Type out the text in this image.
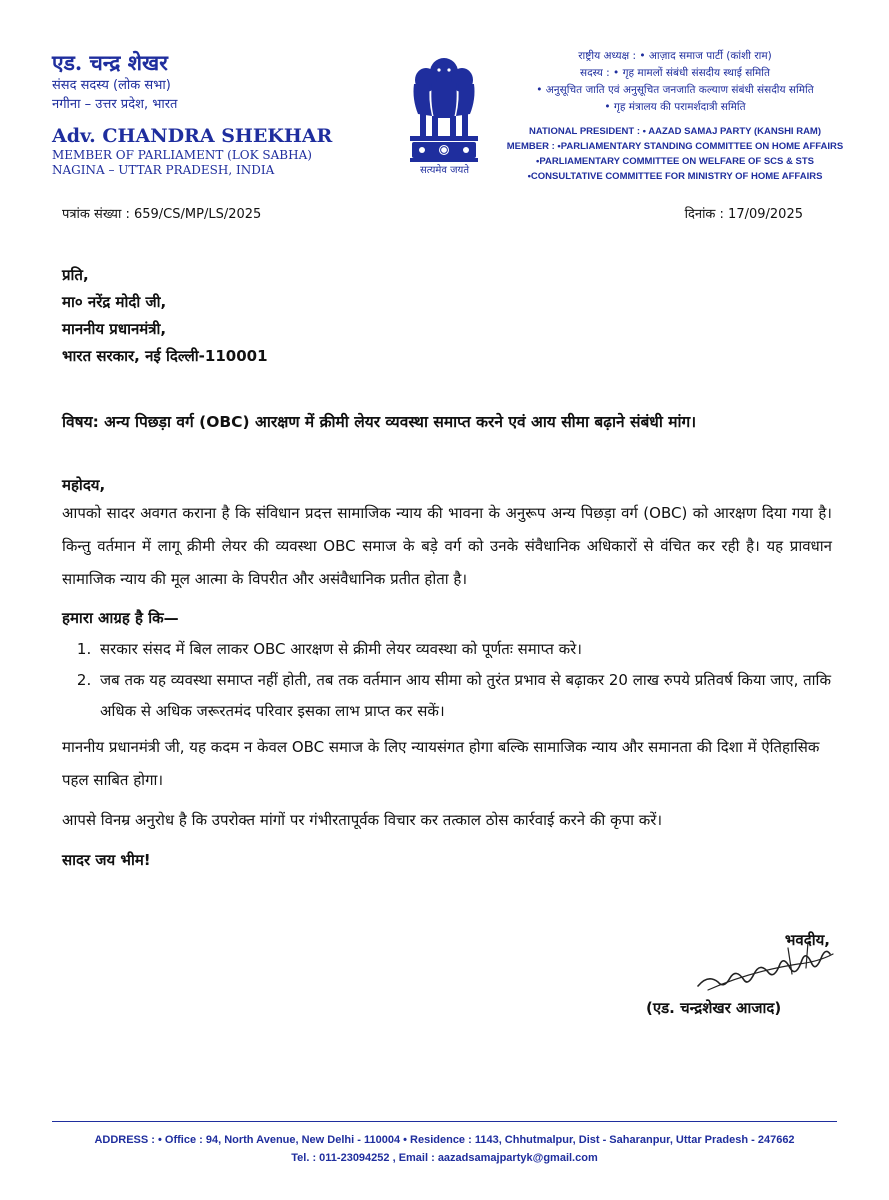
एड. चन्द्र शेखर
संसद सदस्य (लोक सभा)
नगीना – उत्तर प्रदेश, भारत
Adv. CHANDRA SHEKHAR
MEMBER OF PARLIAMENT (LOK SABHA)
NAGINA – UTTAR PRADESH, INDIA	सत्यमेव जयते
राष्ट्रीय अध्यक्ष : • आज़ाद समाज पार्टी (कांशी राम)
सदस्य : • गृह मामलों संबंधी संसदीय स्थाई समिति
• अनुसूचित जाति एवं अनुसूचित जनजाति कल्याण संबंधी संसदीय समिति
• गृह मंत्रालय की परामर्शदात्री समिति
NATIONAL PRESIDENT : • AAZAD SAMAJ PARTY (KANSHI RAM)
MEMBER : •PARLIAMENTARY STANDING COMMITTEE ON HOME AFFAIRS
•PARLIAMENTARY COMMITTEE ON WELFARE OF SCS & STS
•CONSULTATIVE COMMITTEE FOR MINISTRY OF HOME AFFAIRS
पत्रांक संख्या : 659/CS/MP/LS/2025	दिनांक : 17/09/2025
प्रति,
मा० नरेंद्र मोदी जी,
माननीय प्रधानमंत्री,
भारत सरकार, नई दिल्ली-110001
विषय: अन्य पिछड़ा वर्ग (OBC) आरक्षण में क्रीमी लेयर व्यवस्था समाप्त करने एवं आय सीमा बढ़ाने संबंधी मांग।
महोदय,
आपको सादर अवगत कराना है कि संविधान प्रदत्त सामाजिक न्याय की भावना के अनुरूप अन्य पिछड़ा वर्ग (OBC) को आरक्षण दिया गया है। किन्तु वर्तमान में लागू क्रीमी लेयर की व्यवस्था OBC समाज के बड़े वर्ग को उनके संवैधानिक अधिकारों से वंचित कर रही है। यह प्रावधान सामाजिक न्याय की मूल आत्मा के विपरीत और असंवैधानिक प्रतीत होता है।
हमारा आग्रह है कि—
1. सरकार संसद में बिल लाकर OBC आरक्षण से क्रीमी लेयर व्यवस्था को पूर्णतः समाप्त करे।
2. जब तक यह व्यवस्था समाप्त नहीं होती, तब तक वर्तमान आय सीमा को तुरंत प्रभाव से बढ़ाकर 20 लाख रुपये प्रतिवर्ष किया जाए, ताकि अधिक से अधिक जरूरतमंद परिवार इसका लाभ प्राप्त कर सकें।
माननीय प्रधानमंत्री जी, यह कदम न केवल OBC समाज के लिए न्यायसंगत होगा बल्कि सामाजिक न्याय और समानता की दिशा में ऐतिहासिक पहल साबित होगा।
आपसे विनम्र अनुरोध है कि उपरोक्त मांगों पर गंभीरतापूर्वक विचार कर तत्काल ठोस कार्रवाई करने की कृपा करें।
सादर जय भीम!
भवदीय,
(एड. चन्द्रशेखर आजाद)
ADDRESS : • Office : 94, North Avenue, New Delhi - 110004 • Residence : 1143, Chhutmalpur, Dist - Saharanpur, Uttar Pradesh - 247662
Tel. : 011-23094252 , Email : aazadsamajpartyk@gmail.com
